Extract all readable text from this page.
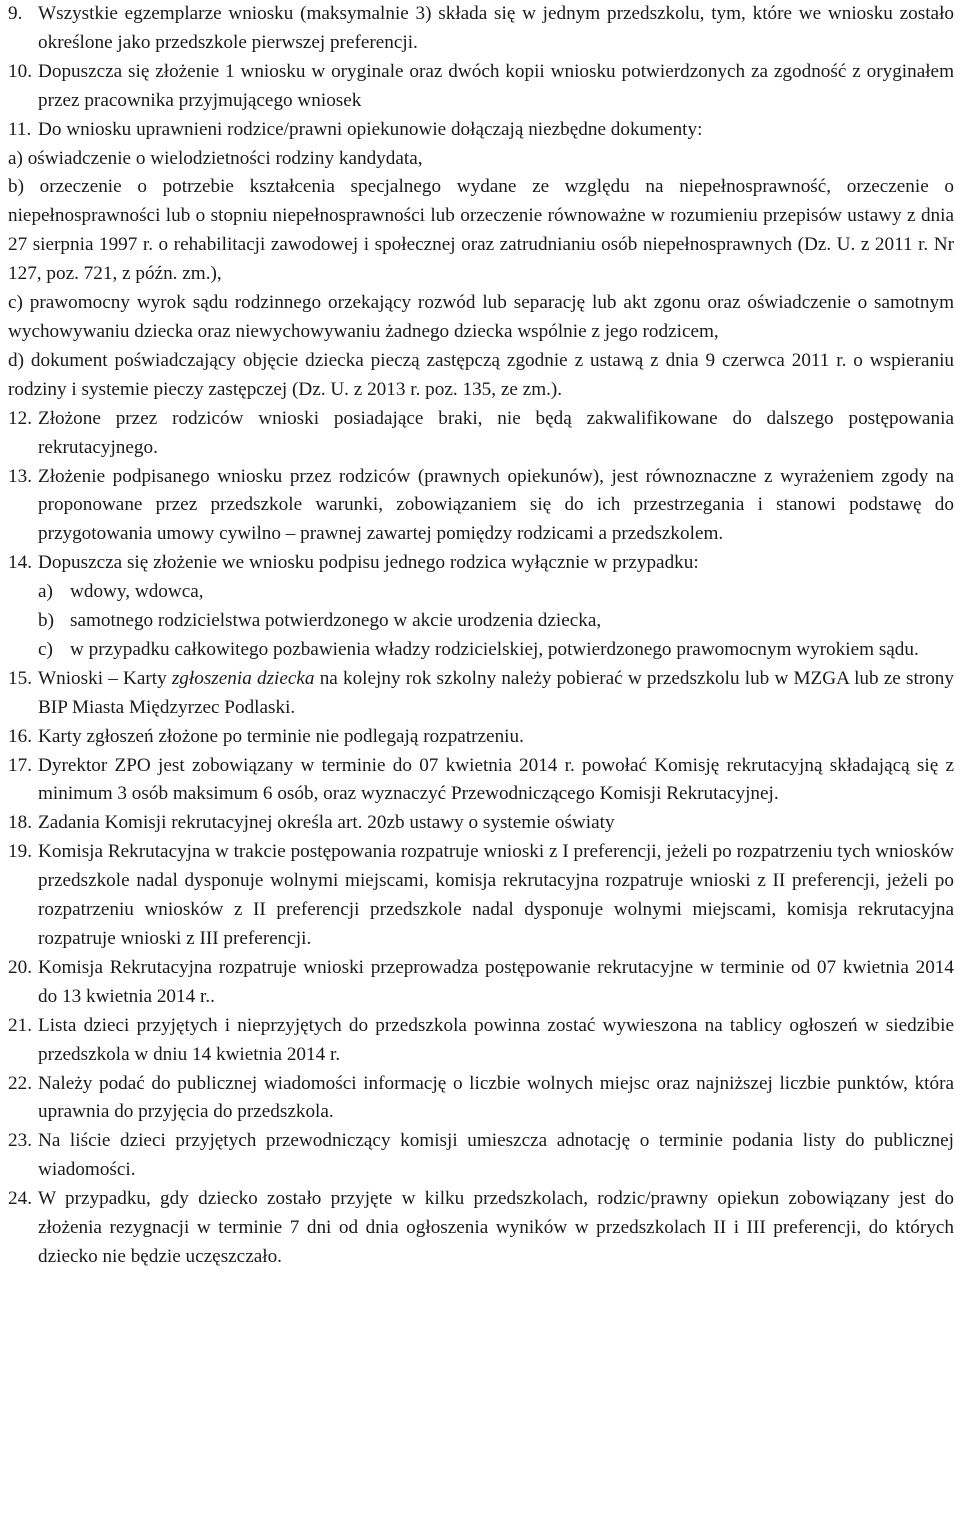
9. Wszystkie egzemplarze wniosku (maksymalnie 3) składa się w jednym przedszkolu, tym, które we wniosku zostało określone jako przedszkole pierwszej preferencji.
10. Dopuszcza się złożenie 1 wniosku w oryginale oraz dwóch kopii wniosku potwierdzonych za zgodność z oryginałem przez pracownika przyjmującego wniosek
11. Do wniosku uprawnieni rodzice/prawni opiekunowie dołączają niezbędne dokumenty:
a) oświadczenie o wielodzietności rodziny kandydata,
b) orzeczenie o potrzebie kształcenia specjalnego wydane ze względu na niepełnosprawność, orzeczenie o niepełnosprawności lub o stopniu niepełnosprawności lub orzeczenie równoważne w rozumieniu przepisów ustawy z dnia 27 sierpnia 1997 r. o rehabilitacji zawodowej i społecznej oraz zatrudnianiu osób niepełnosprawnych (Dz. U. z 2011 r. Nr 127, poz. 721, z późn. zm.),
c) prawomocny wyrok sądu rodzinnego orzekający rozwód lub separację lub akt zgonu oraz oświadczenie o samotnym wychowywaniu dziecka oraz niewychowywaniu żadnego dziecka wspólnie z jego rodzicem,
d) dokument poświadczający objęcie dziecka pieczą zastępczą zgodnie z ustawą z dnia 9 czerwca 2011 r. o wspieraniu rodziny i systemie pieczy zastępczej (Dz. U. z 2013 r. poz. 135, ze zm.).
12. Złożone przez rodziców wnioski posiadające braki, nie będą zakwalifikowane do dalszego postępowania rekrutacyjnego.
13. Złożenie podpisanego wniosku przez rodziców (prawnych opiekunów), jest równoznaczne z wyrażeniem zgody na proponowane przez przedszkole warunki, zobowiązaniem się do ich przestrzegania i stanowi podstawę do przygotowania umowy cywilno – prawnej zawartej pomiędzy rodzicami a przedszkolem.
14. Dopuszcza się złożenie we wniosku podpisu jednego rodzica wyłącznie w przypadku:
a) wdowy, wdowca,
b) samotnego rodzicielstwa potwierdzonego w akcie urodzenia dziecka,
c) w przypadku całkowitego pozbawienia władzy rodzicielskiej, potwierdzonego prawomocnym wyrokiem sądu.
15. Wnioski – Karty zgłoszenia dziecka na kolejny rok szkolny należy pobierać w przedszkolu lub w MZGA lub ze strony BIP Miasta Międzyrzec Podlaski.
16. Karty zgłoszeń złożone po terminie nie podlegają rozpatrzeniu.
17. Dyrektor ZPO jest zobowiązany w terminie do 07 kwietnia 2014 r. powołać Komisję rekrutacyjną składającą się z minimum 3 osób maksimum 6 osób, oraz wyznaczyć Przewodniczącego Komisji Rekrutacyjnej.
18. Zadania Komisji rekrutacyjnej określa art. 20zb ustawy o systemie oświaty
19. Komisja Rekrutacyjna w trakcie postępowania rozpatruje wnioski z I preferencji, jeżeli po rozpatrzeniu tych wniosków przedszkole nadal dysponuje wolnymi miejscami, komisja rekrutacyjna rozpatruje wnioski z II preferencji, jeżeli po rozpatrzeniu wniosków z II preferencji przedszkole nadal dysponuje wolnymi miejscami, komisja rekrutacyjna rozpatruje wnioski z III preferencji.
20. Komisja Rekrutacyjna rozpatruje wnioski przeprowadza postępowanie rekrutacyjne w terminie od 07 kwietnia 2014 do 13 kwietnia 2014 r..
21. Lista dzieci przyjętych i nieprzyjętych do przedszkola powinna zostać wywieszona na tablicy ogłoszeń w siedzibie przedszkola w dniu 14 kwietnia 2014 r.
22. Należy podać do publicznej wiadomości informację o liczbie wolnych miejsc oraz najniższej liczbie punktów, która uprawnia do przyjęcia do przedszkola.
23. Na liście dzieci przyjętych przewodniczący komisji umieszcza adnotację o terminie podania listy do publicznej wiadomości.
24. W przypadku, gdy dziecko zostało przyjęte w kilku przedszkolach, rodzic/prawny opiekun zobowiązany jest do złożenia rezygnacji w terminie 7 dni od dnia ogłoszenia wyników w przedszkolach II i III preferencji, do których dziecko nie będzie uczęszczało.
